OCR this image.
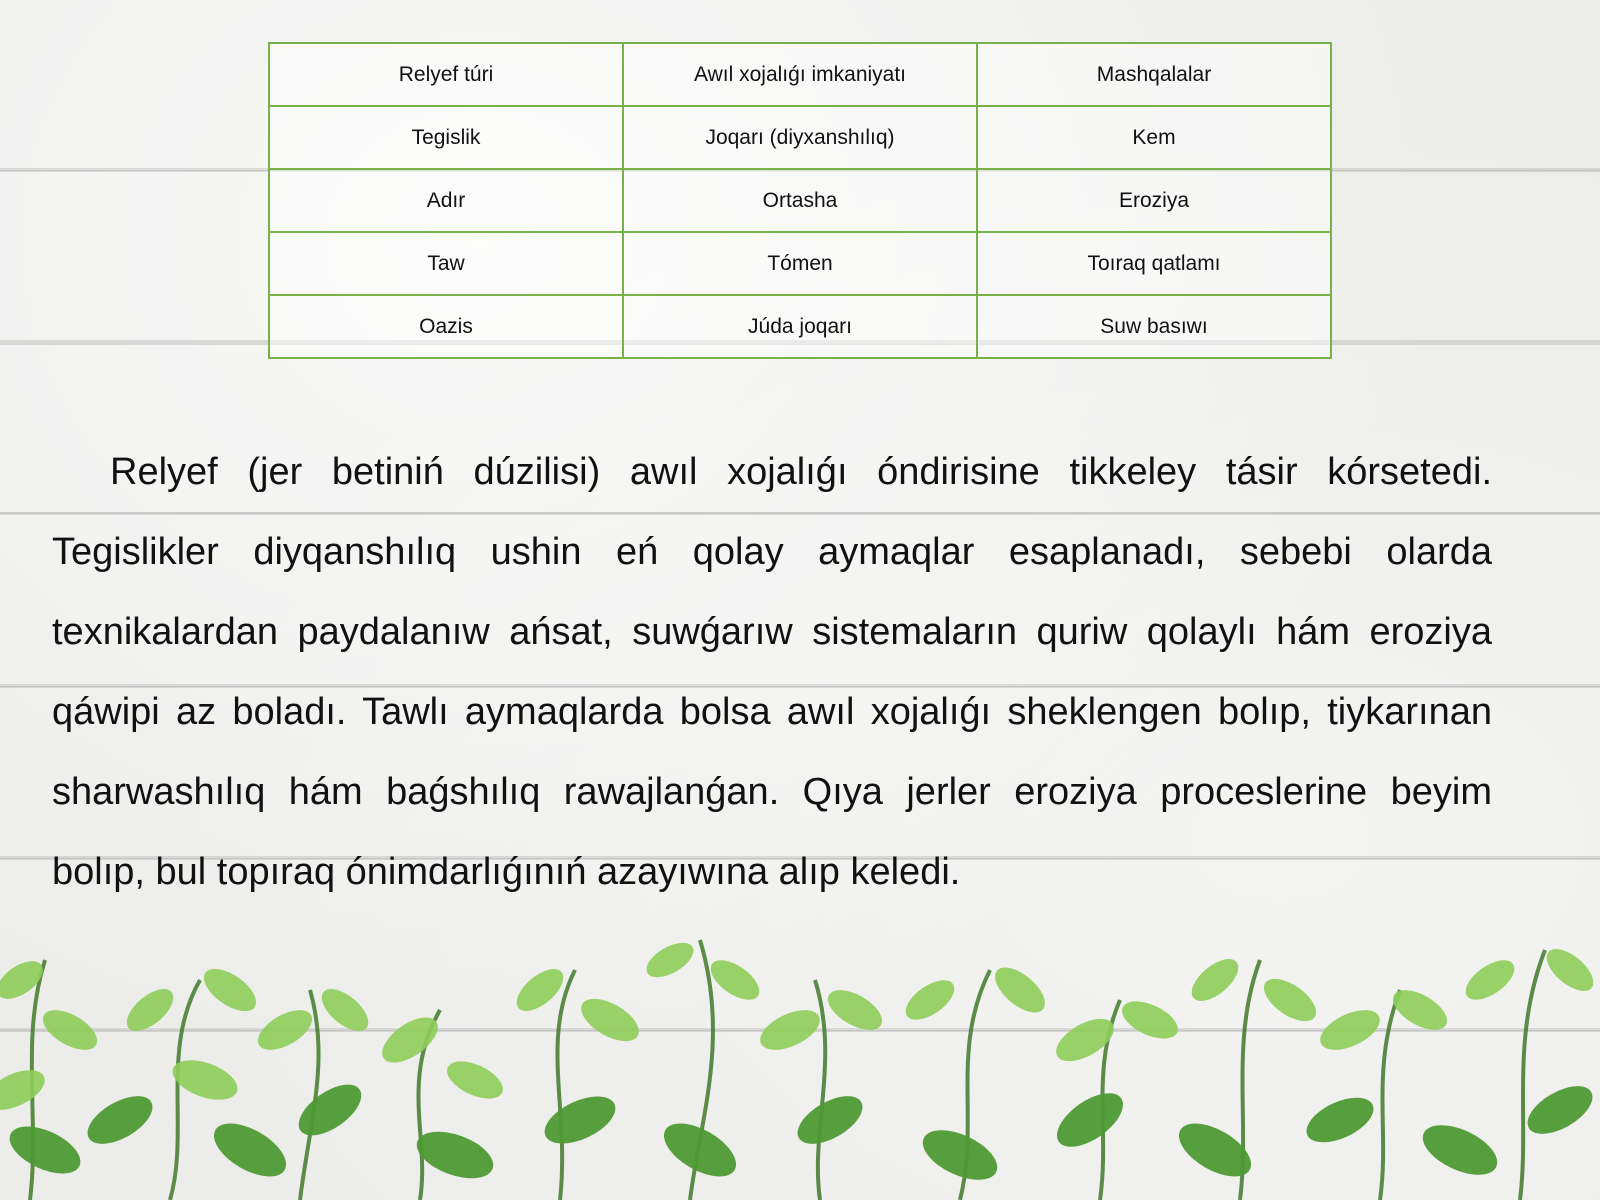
Relyef túri	Awıl xojalıǵı imkaniyatı	Mashqalalar
Tegislik	Joqarı (diyxanshılıq)	Kem
Adır	Ortasha	Eroziya
Taw	Tómen	Toıraq qatlamı
Oazis	Júda joqarı	Suw basıwı

Relyef (jer betiniń dúzilisi) awıl xojalıǵı óndirisine tikkeley tásir kórsetedi. Tegislikler diyqanshılıq ushin eń qolay aymaqlar esaplanadı, sebebi olarda texnikalardan paydalanıw ańsat, suwǵarıw sistemaların quriw qolaylı hám eroziya qáwipi az boladı. Tawlı aymaqlarda bolsa awıl xojalıǵı sheklengen bolıp, tiykarınan sharwashılıq hám baǵshılıq rawajlanǵan. Qıya jerler eroziya proceslerine beyim bolıp, bul topıraq ónimdarlıǵınıń azayıwına alıp keledi.
